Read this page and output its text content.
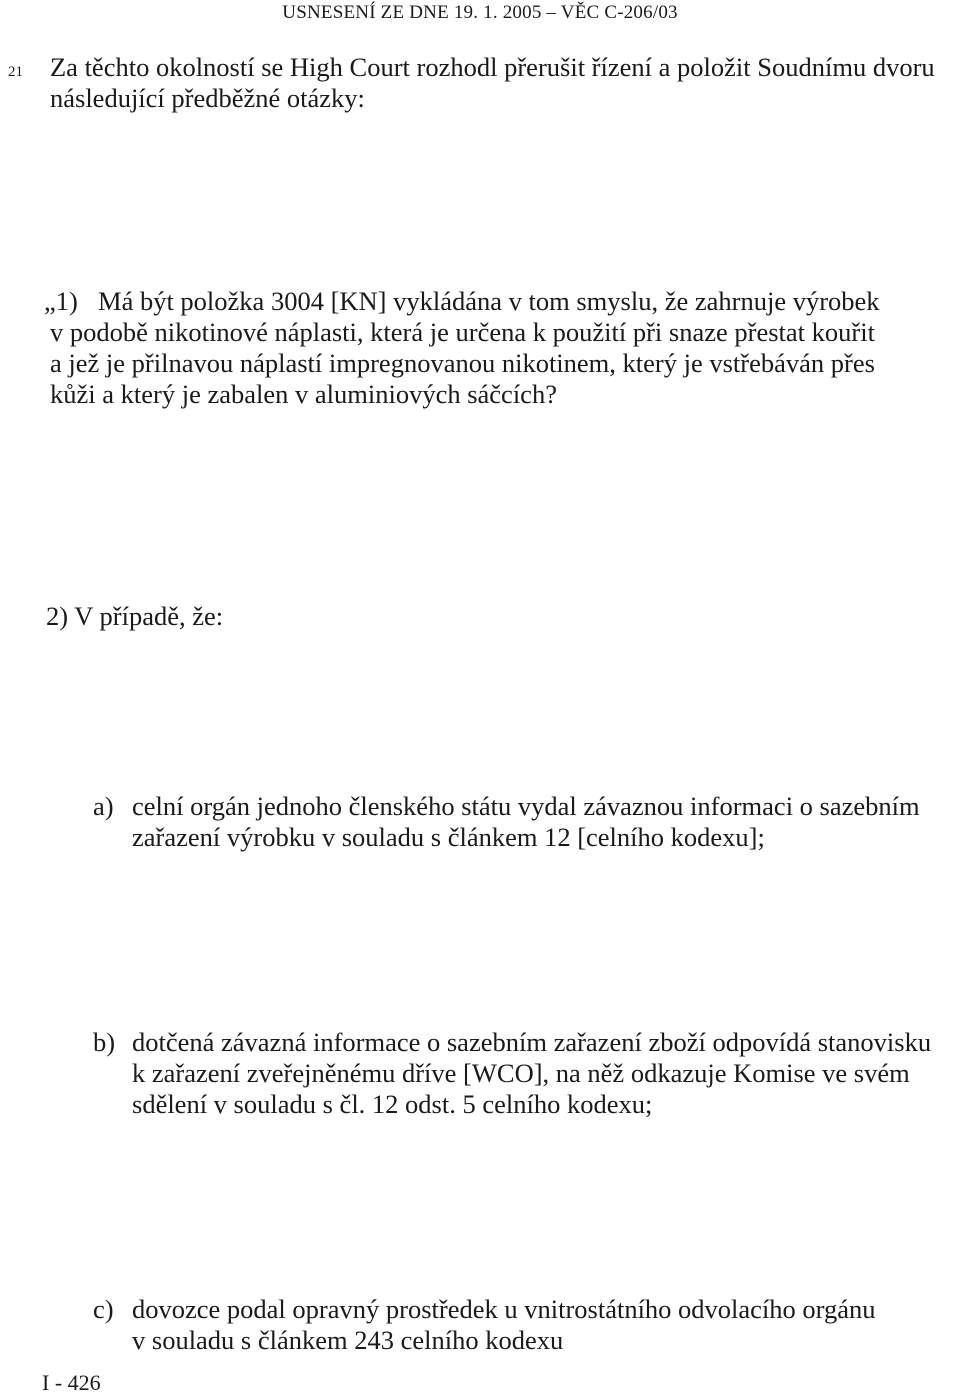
USNESENÍ ZE DNE 19. 1. 2005 – VĚC C-206/03
21 Za těchto okolností se High Court rozhodl přerušit řízení a položit Soudnímu dvoru
následující předběžné otázky:
„1) Má být položka 3004 [KN] vykládána v tom smyslu, že zahrnuje výrobek
v podobě nikotinové náplasti, která je určena k použití při snaze přestat kouřit
a jež je přilnavou náplastí impregnovanou nikotinem, který je vstřebáván přes
kůži a který je zabalen v aluminiových sáčcích?
2) V případě, že:
a) celní orgán jednoho členského státu vydal závaznou informaci o sazebním
zařazení výrobku v souladu s článkem 12 [celního kodexu];
b) dotčená závazná informace o sazebním zařazení zboží odpovídá stanovisku
k zařazení zveřejněnému dříve [WCO], na něž odkazuje Komise ve svém
sdělení v souladu s čl. 12 odst. 5 celního kodexu;
c) dovozce podal opravný prostředek u vnitrostátního odvolacího orgánu
v souladu s článkem 243 celního kodexu
I - 426
